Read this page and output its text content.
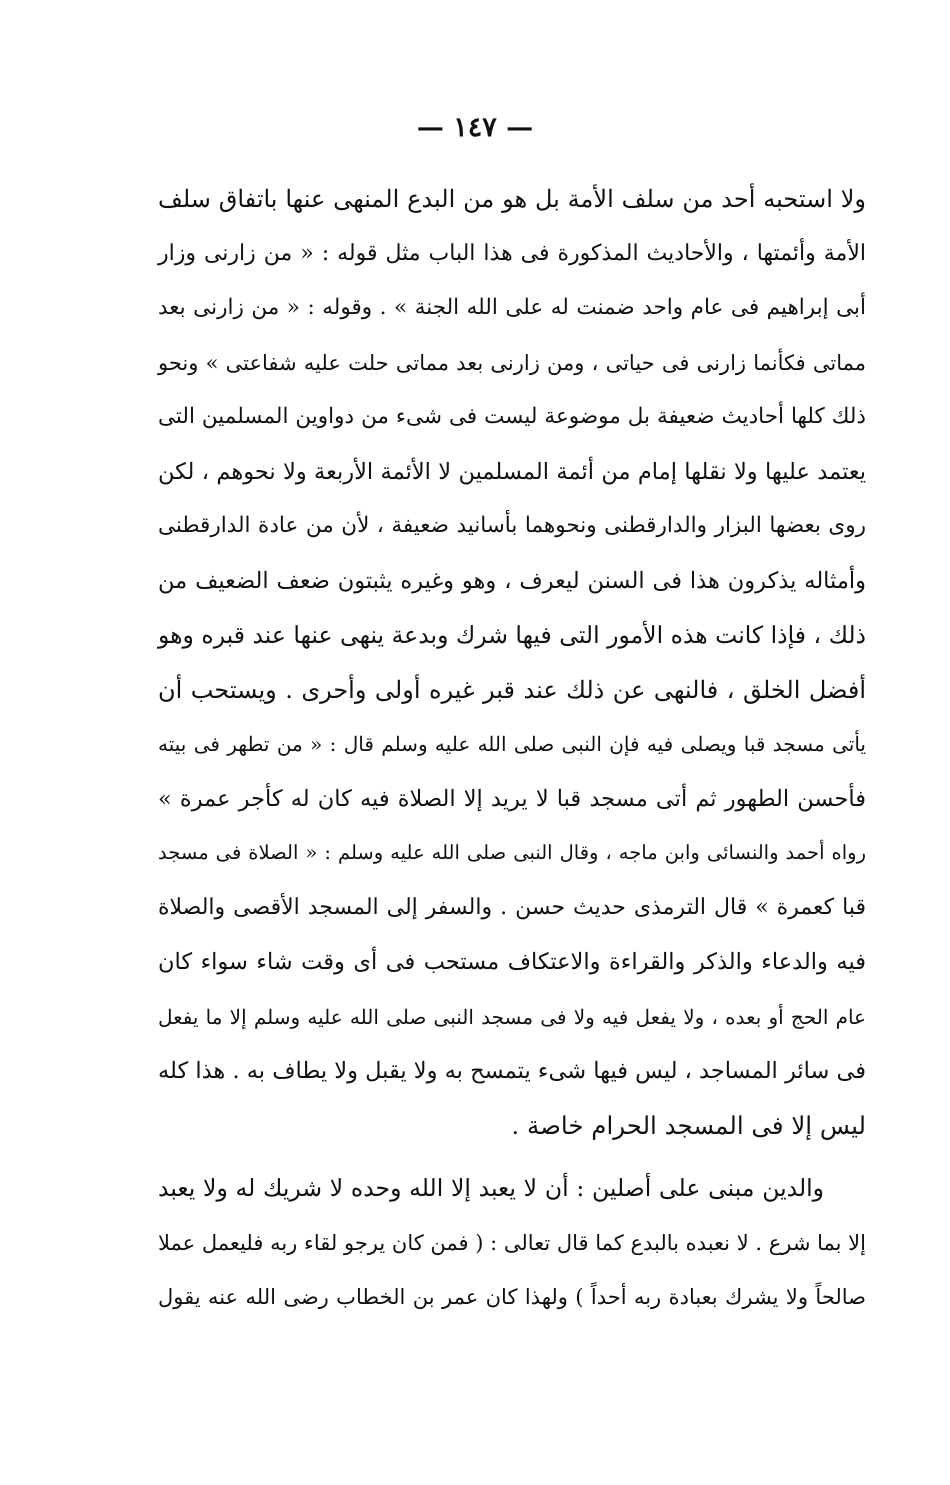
— ١٤٧ —
ولا استحبه أحد من سلف الأمة بل هو من البدع المنهى عنها باتفاق سلف
الأمة وأئمتها ، والأحاديث المذكورة فى هذا الباب مثل قوله : « من زارنى وزار
أبى إبراهيم فى عام واحد ضمنت له على الله الجنة » . وقوله : « من زارنى بعد
مماتى فكأنما زارنى فى حياتى ، ومن زارنى بعد مماتى حلت عليه شفاعتى » ونحو
ذلك كلها أحاديث ضعيفة بل موضوعة ليست فى شىء من دواوين المسلمين التى
يعتمد عليها ولا نقلها إمام من أئمة المسلمين لا الأئمة الأربعة ولا نحوهم ، لكن
روى بعضها البزار والدارقطنى ونحوهما بأسانيد ضعيفة ، لأن من عادة الدارقطنى
وأمثاله يذكرون هذا فى السنن ليعرف ، وهو وغيره يثبتون ضعف الضعيف من
ذلك ، فإذا كانت هذه الأمور التى فيها شرك وبدعة ينهى عنها عند قبره وهو
أفضل الخلق ، فالنهى عن ذلك عند قبر غيره أولى وأحرى . ويستحب أن
يأتى مسجد قبا ويصلى فيه فإن النبى صلى الله عليه وسلم قال : « من تطهر فى بيته
فأحسن الطهور ثم أتى مسجد قبا لا يريد إلا الصلاة فيه كان له كأجر عمرة »
رواه أحمد والنسائى وابن ماجه ، وقال النبى صلى الله عليه وسلم : « الصلاة فى مسجد
قبا كعمرة » قال الترمذى حديث حسن . والسفر إلى المسجد الأقصى والصلاة
فيه والدعاء والذكر والقراءة والاعتكاف مستحب فى أى وقت شاء سواء كان
عام الحج أو بعده ، ولا يفعل فيه ولا فى مسجد النبى صلى الله عليه وسلم إلا ما يفعل
فى سائر المساجد ، ليس فيها شىء يتمسح به ولا يقبل ولا يطاف به . هذا كله
ليس إلا فى المسجد الحرام خاصة .
والدين مبنى على أصلين : أن لا يعبد إلا الله وحده لا شريك له ولا يعبد
إلا بما شرع . لا نعبده بالبدع كما قال تعالى : ( فمن كان يرجو لقاء ربه فليعمل عملا
صالحاً ولا يشرك بعبادة ربه أحداً ) ولهذا كان عمر بن الخطاب رضى الله عنه يقول
